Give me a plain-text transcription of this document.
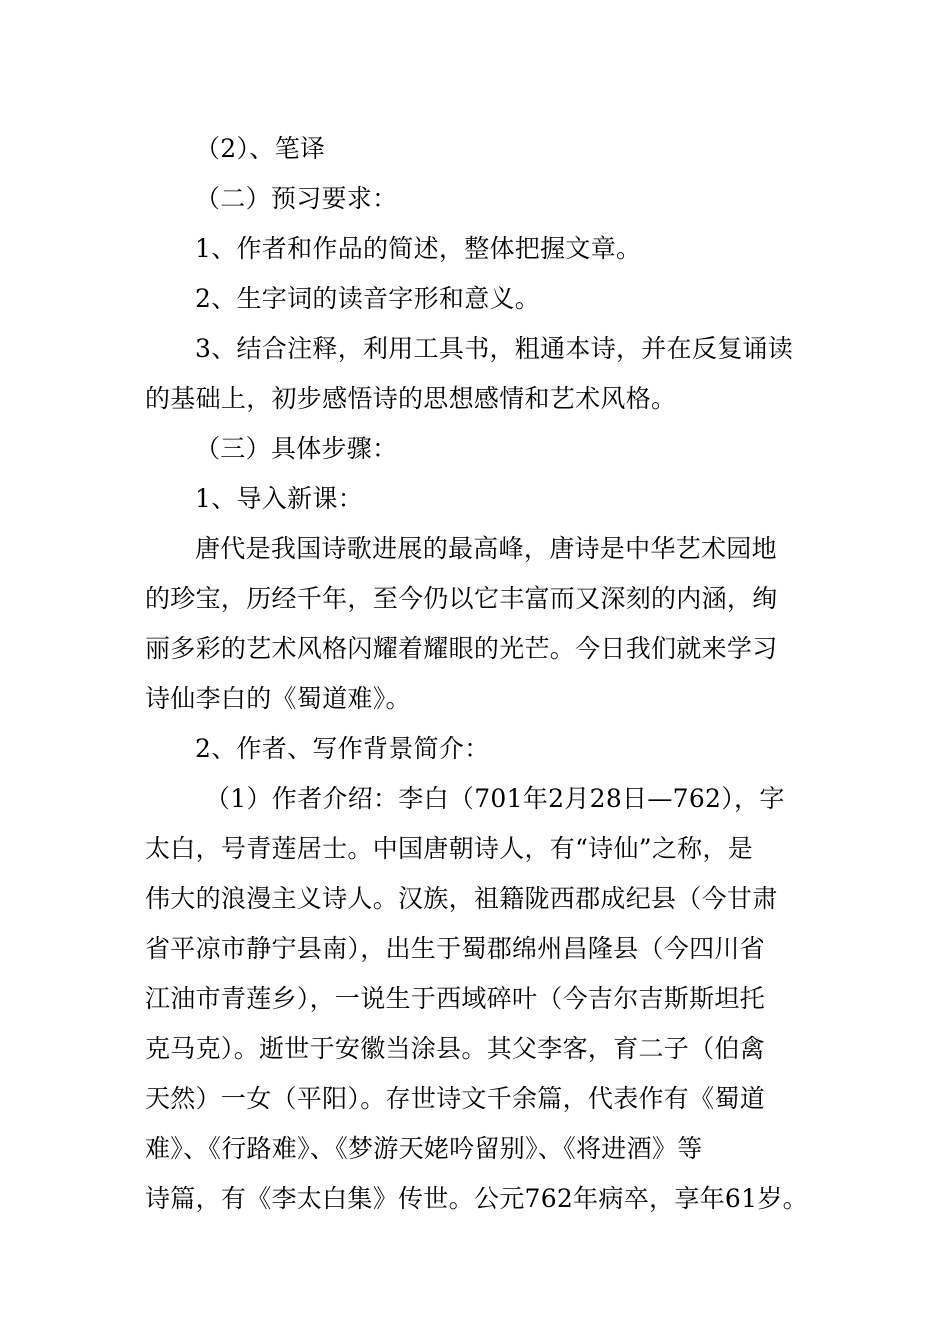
（2）、笔译
（二）预习要求：
1、作者和作品的简述，整体把握文章。
2、生字词的读音字形和意义。
3、结合注释，利用工具书，粗通本诗，并在反复诵读
的基础上，初步感悟诗的思想感情和艺术风格。
（三）具体步骤：
1、导入新课：
唐代是我国诗歌进展的最高峰，唐诗是中华艺术园地
的珍宝，历经千年，至今仍以它丰富而又深刻的内涵，绚
丽多彩的艺术风格闪耀着耀眼的光芒。今日我们就来学习
诗仙李白的《蜀道难》。
2、作者、写作背景简介：
（1）作者介绍：李白（701年2月28日—762），字
太白，号青莲居士。中国唐朝诗人，有“诗仙”之称，是
伟大的浪漫主义诗人。汉族，祖籍陇西郡成纪县（今甘肃
省平凉市静宁县南），出生于蜀郡绵州昌隆县（今四川省
江油市青莲乡），一说生于西域碎叶（今吉尔吉斯斯坦托
克马克）。逝世于安徽当涂县。其父李客，育二子（伯禽
天然）一女（平阳）。存世诗文千余篇，代表作有《蜀道
难》、《行路难》、《梦游天姥吟留别》、《将进酒》等
诗篇，有《李太白集》传世。公元762年病卒，享年61岁。
